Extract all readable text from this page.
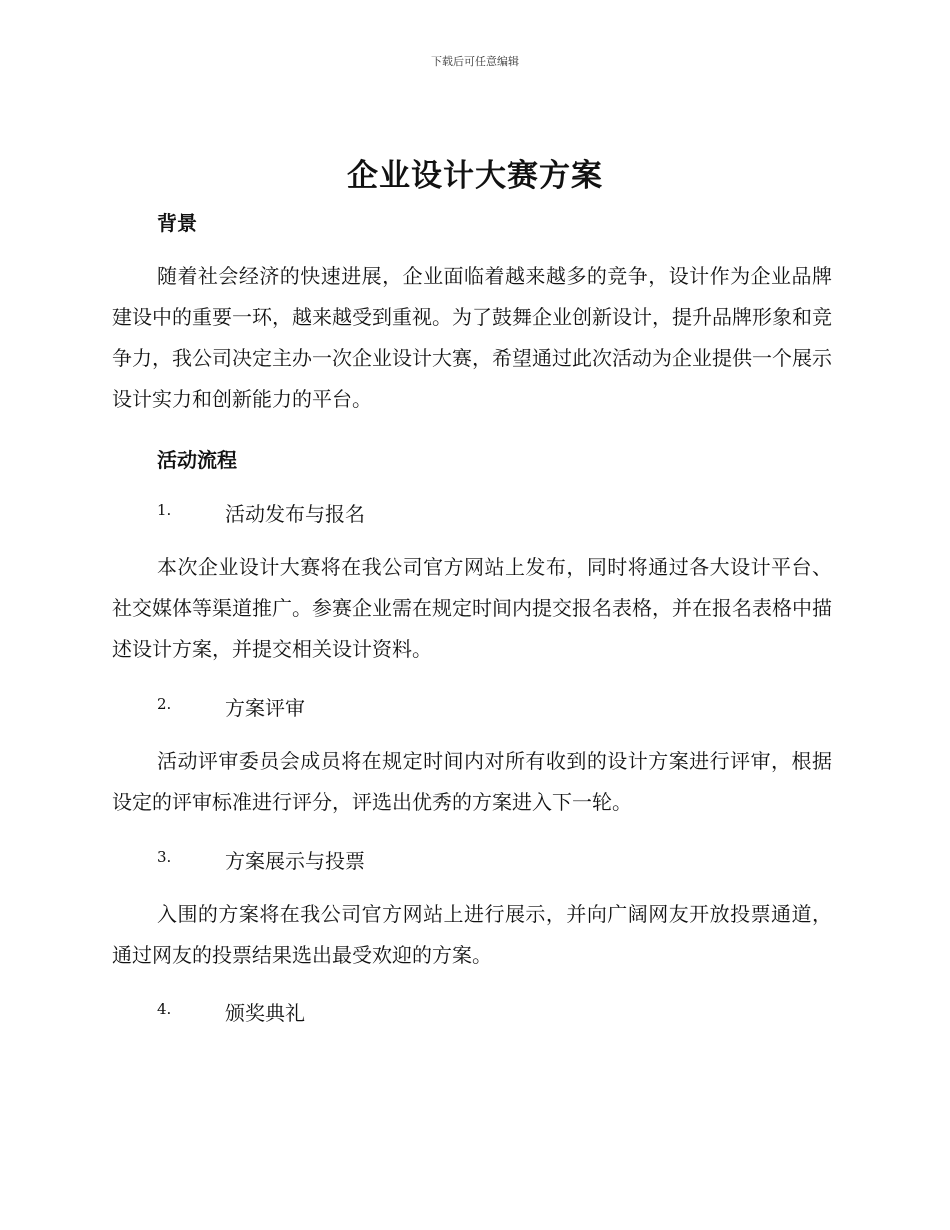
下载后可任意编辑
企业设计大赛方案
背景
随着社会经济的快速进展，企业面临着越来越多的竞争，设计作为企业品牌建设中的重要一环，越来越受到重视。为了鼓舞企业创新设计，提升品牌形象和竞争力，我公司决定主办一次企业设计大赛，希望通过此次活动为企业提供一个展示设计实力和创新能力的平台。
活动流程
1.	活动发布与报名
本次企业设计大赛将在我公司官方网站上发布，同时将通过各大设计平台、社交媒体等渠道推广。参赛企业需在规定时间内提交报名表格，并在报名表格中描述设计方案，并提交相关设计资料。
2.	方案评审
活动评审委员会成员将在规定时间内对所有收到的设计方案进行评审，根据设定的评审标准进行评分，评选出优秀的方案进入下一轮。
3.	方案展示与投票
入围的方案将在我公司官方网站上进行展示，并向广阔网友开放投票通道，通过网友的投票结果选出最受欢迎的方案。
4.	颁奖典礼
